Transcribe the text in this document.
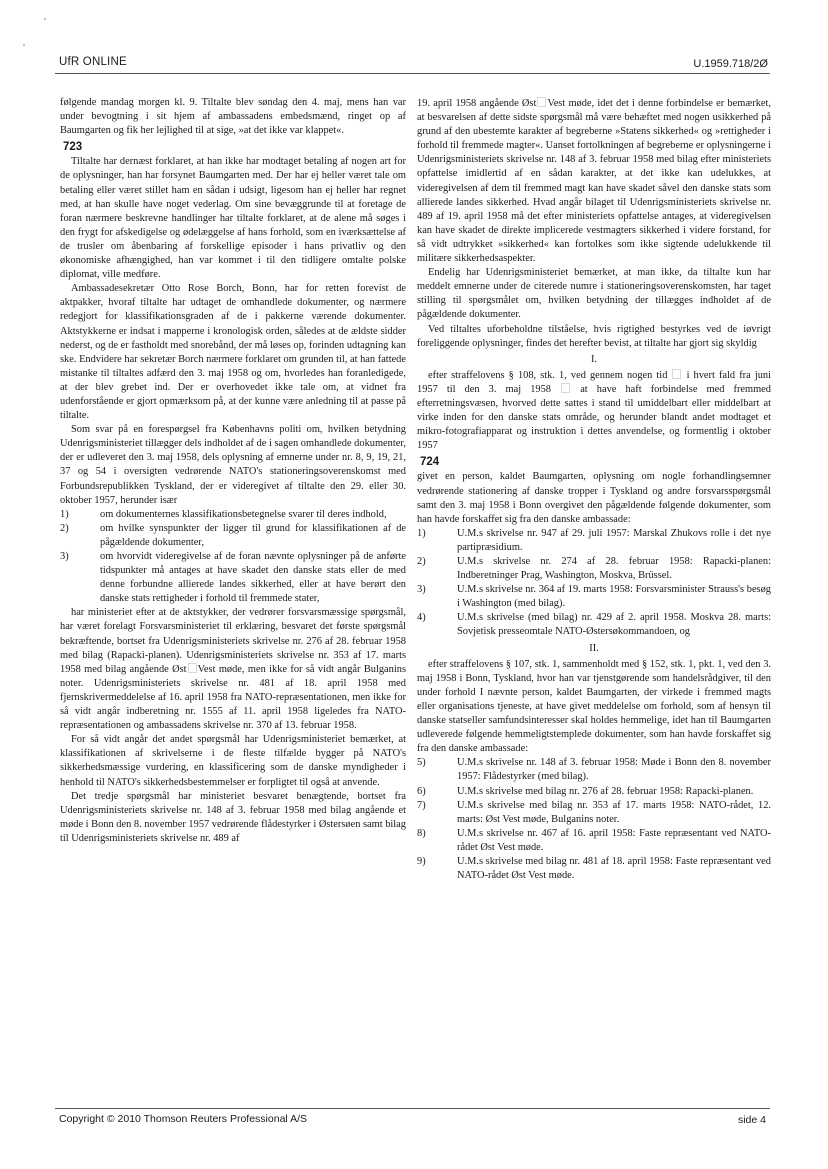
UfR ONLINE	U.1959.718/2Ø

følgende mandag morgen kl. 9. Tiltalte blev søndag den 4. maj, mens han var under bevogtning i sit hjem af ambassadens embedsmænd, ringet op af Baumgarten og fik her lejlighed til at sige, »at det ikke var klappet«.

723

Tiltalte har dernæst forklaret, at han ikke har modtaget betaling af nogen art for de oplysninger, han har forsynet Baumgarten med. Der har ej heller været tale om betaling eller været stillet ham en sådan i udsigt, ligesom han ej heller har regnet med, at han skulle have noget vederlag. Om sine bevæggrunde til at foretage de foran nærmere beskrevne handlinger har tiltalte forklaret, at de alene må søges i den frygt for afskedigelse og ødelæggelse af hans forhold, som en iværksættelse af de trusler om åbenbaring af forskellige episoder i hans privatliv og den økonomiske afhængighed, han var kommet i til den tidligere omtalte polske diplomat, ville medføre.

Ambassadesekretær Otto Rose Borch, Bonn, har for retten forevist de aktpakker, hvoraf tiltalte har udtaget de omhandlede dokumenter, og nærmere redegjort for klassifikationsgraden af de i pakkerne værende dokumenter. Aktstykkerne er indsat i mapperne i kronologisk orden, således at de ældste sidder nederst, og de er fastholdt med snorebånd, der må løses op, forinden udtagning kan ske. Endvidere har sekretær Borch nærmere forklaret om grunden til, at han fattede mistanke til tiltaltes adfærd den 3. maj 1958 og om, hvorledes han foranledigede, at der blev grebet ind. Der er overhovedet ikke tale om, at vidnet fra udenforstående er gjort opmærksom på, at der kunne være anledning til at passe på tiltalte.

Som svar på en forespørgsel fra Københavns politi om, hvilken betydning Udenrigsministeriet tillægger dels indholdet af de i sagen omhandlede dokumenter, der er udleveret den 3. maj 1958, dels oplysning af emnerne under nr. 8, 9, 19, 21, 37 og 54 i oversigten vedrørende NATO's stationeringsoverenskomst med Forbundsrepublikken Tyskland, der er videregivet af tiltalte den 29. eller 30. oktober 1957, herunder især

1)	om dokumenternes klassifikationsbetegnelse svarer til deres indhold,
2)	om hvilke synspunkter der ligger til grund for klassifikationen af de pågældende dokumenter,
3)	om hvorvidt videregivelse af de foran nævnte oplysninger på de anførte tidspunkter må antages at have skadet den danske stats eller de med denne forbundne allierede landes sikkerhed, eller at have berørt den danske stats rettigheder i forhold til fremmede stater,

har ministeriet efter at de aktstykker, der vedrører forsvarsmæssige spørgsmål, har været forelagt Forsvarsministeriet til erklæring, besvaret det første spørgsmål bekræftende, bortset fra Udenrigsministeriets skrivelse nr. 276 af 28. februar 1958 med bilag (Rapacki-planen). Udenrigsministeriets skrivelse nr. 353 af 17. marts 1958 med bilag angående Øst Vest møde, men ikke for så vidt angår Bulganins noter. Udenrigsministeriets skrivelse nr. 481 af 18. april 1958 med fjernskrivermeddelelse af 16. april 1958 fra NATO-repræsentationen, men ikke for så vidt angår indberetning nr. 1555 af 11. april 1958 ligeledes fra NATO-repræsentationen og ambassadens skrivelse nr. 370 af 13. februar 1958.

For så vidt angår det andet spørgsmål har Udenrigsministeriet bemærket, at klassifikationen af skrivelserne i de fleste tilfælde bygger på NATO's sikkerhedsmæssige vurdering, en klassificering som de danske myndigheder i henhold til NATO's sikkerhedsbestemmelser er forpligtet til også at anvende.

Det tredje spørgsmål har ministeriet besvaret benægtende, bortset fra Udenrigsministeriets skrivelse nr. 148 af 3. februar 1958 med bilag angående et møde i Bonn den 8. november 1957 vedrørende flådestyrker i Østersøen samt bilag til Udenrigsministeriets skrivelse nr. 489 af

19. april 1958 angående Øst Vest møde, idet det i denne forbindelse er bemærket, at besvarelsen af dette sidste spørgsmål må være behæftet med nogen usikkerhed på grund af den ubestemte karakter af begreberne »Statens sikkerhed« og »rettigheder i forhold til fremmede magter«. Uanset fortolkningen af begreberne er oplysningerne i Udenrigsministeriets skrivelse nr. 148 af 3. februar 1958 med bilag efter ministeriets opfattelse imidlertid af en sådan karakter, at det ikke kan udelukkes, at videregivelsen af dem til fremmed magt kan have skadet såvel den danske stats som allierede landes sikkerhed. Hvad angår bilaget til Udenrigsministeriets skrivelse nr. 489 af 19. april 1958 må det efter ministeriets opfattelse antages, at videregivelsen kan have skadet de direkte implicerede vestmagters sikkerhed i videre forstand, for så vidt udtrykket »sikkerhed« kan fortolkes som ikke sigtende udelukkende til militære sikkerhedsaspekter.

Endelig har Udenrigsministeriet bemærket, at man ikke, da tiltalte kun har meddelt emnerne under de citerede numre i stationeringsoverenskomsten, har taget stilling til spørgsmålet om, hvilken betydning der tillægges indholdet af de pågældende dokumenter.

Ved tiltaltes uforbeholdne tilståelse, hvis rigtighed bestyrkes ved de iøvrigt foreliggende oplysninger, findes det herefter bevist, at tiltalte har gjort sig skyldig

I.

efter straffelovens § 108, stk. 1, ved gennem nogen tid i hvert fald fra juni 1957 til den 3. maj 1958	at have haft forbindelse med fremmed efterretningsvæsen, hvorved dette sattes i stand til umiddelbart eller middelbart at virke inden for den danske stats område, og herunder blandt andet modtaget et mikro-fotografiapparat og instruktion i dettes anvendelse, og formentlig i oktober 1957

724

givet en person, kaldet Baumgarten, oplysning om nogle forhandlingsemner vedrørende stationering af danske tropper i Tyskland og andre forsvarsspørgsmål samt den 3. maj 1958 i Bonn overgivet den pågældende følgende dokumenter, som han havde forskaffet sig fra den danske ambassade:

1)	U.M.s skrivelse nr. 947 af 29. juli 1957: Marskal Zhukovs rolle i det nye partipræsidium.
2)	U.M.s skrivelse nr. 274 af 28. februar 1958: Rapacki-planen: Indberetninger Prag, Washington, Moskva, Brüssel.
3)	U.M.s skrivelse nr. 364 af 19. marts 1958: Forsvarsminister Strauss's besøg i Washington (med bilag).
4)	U.M.s skrivelse (med bilag) nr. 429 af 2. april 1958. Moskva 28. marts: Sovjetisk presseomtale NATO-Østersøkommandoen, og

II.

efter straffelovens § 107, stk. 1, sammenholdt med § 152, stk. 1, pkt. 1, ved den 3. maj 1958 i Bonn, Tyskland, hvor han var tjenstgørende som handelsrådgiver, til den under forhold I nævnte person, kaldet Baumgarten, der virkede i fremmed magts eller organisations tjeneste, at have givet meddelelse om forhold, som af hensyn til danske statseller samfundsinteresser skal holdes hemmelige, idet han til Baumgarten udleverede følgende hemmeligtstemplede dokumenter, som han havde forskaffet sig fra den danske ambassade:

5)	U.M.s skrivelse nr. 148 af 3. februar 1958: Møde i Bonn den 8. november 1957: Flådestyrker (med bilag).
6)	U.M.s skrivelse med bilag nr. 276 af 28. februar 1958: Rapacki-planen.
7)	U.M.s skrivelse med bilag nr. 353 af 17. marts 1958: NATO-rådet, 12. marts: Øst Vest møde, Bulganins noter.
8)	U.M.s skrivelse nr. 467 af 16. april 1958: Faste repræsentant ved NATO-rådet Øst Vest møde.
9)	U.M.s skrivelse med bilag nr. 481 af 18. april 1958: Faste repræsentant ved NATO-rådet Øst Vest møde.
Copyright © 2010 Thomson Reuters Professional A/S	side 4
